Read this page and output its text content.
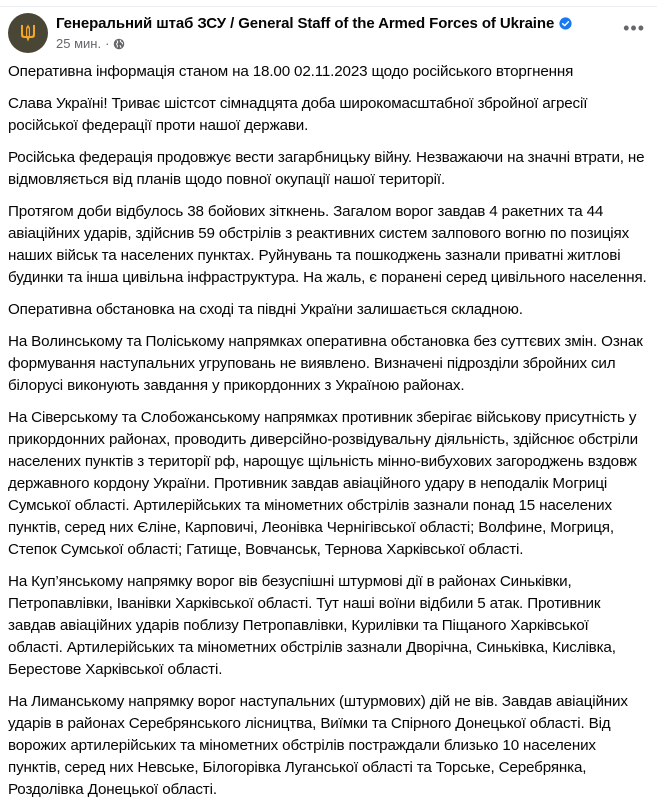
Генеральний штаб ЗСУ / General Staff of the Armed Forces of Ukraine
25 мин. ·
•••

Оперативна інформація станом на 18.00 02.11.2023 щодо російського вторгнення

Слава Україні! Триває шістсот сімнадцята доба широкомасштабної збройної агресії російської федерації проти нашої держави.

Російська федерація продовжує вести загарбницьку війну. Незважаючи на значні втрати, не відмовляється від планів щодо повної окупації нашої території.

Протягом доби відбулось 38 бойових зіткнень. Загалом ворог завдав 4 ракетних та 44 авіаційних ударів, здійснив 59 обстрілів з реактивних систем залпового вогню по позиціях наших військ та населених пунктах. Руйнувань та пошкоджень зазнали приватні житлові будинки та інша цивільна інфраструктура. На жаль, є поранені серед цивільного населення.

Оперативна обстановка на сході та півдні України залишається складною.

На Волинському та Поліському напрямках оперативна обстановка без суттєвих змін. Ознак формування наступальних угруповань не виявлено. Визначені підрозділи збройних сил білорусі виконують завдання у прикордонних з Україною районах.

На Сіверському та Слобожанському напрямках противник зберігає військову присутність у прикордонних районах, проводить диверсійно-розвідувальну діяльність, здійснює обстріли населених пунктів з території рф, нарощує щільність мінно-вибухових загороджень вздовж державного кордону України. Противник завдав авіаційного удару в неподалік Могриці Сумської області. Артилерійських та мінометних обстрілів зазнали понад 15 населених пунктів, серед них Єліне, Карповичі, Леонівка Чернігівської області; Волфине, Могриця, Степок Сумської області; Гатище, Вовчанськ, Тернова Харківської області.

На Куп’янському напрямку ворог вів безуспішні штурмові дії в районах Синьківки, Петропавлівки, Іванівки Харківської області. Тут наші воїни відбили 5 атак. Противник завдав авіаційних ударів поблизу Петропавлівки, Курилівки та Піщаного Харківської області. Артилерійських та мінометних обстрілів зазнали Дворічна, Синьківка, Кислівка, Берестове Харківської області.

На Лиманському напрямку ворог наступальних (штурмових) дій не вів. Завдав авіаційних ударів в районах Серебрянського лісництва, Виїмки та Спірного Донецької області. Від ворожих артилерійських та мінометних обстрілів постраждали близько 10 населених пунктів, серед них Невське, Білогорівка Луганської області та Торське, Серебрянка, Роздолівка Донецької області.
